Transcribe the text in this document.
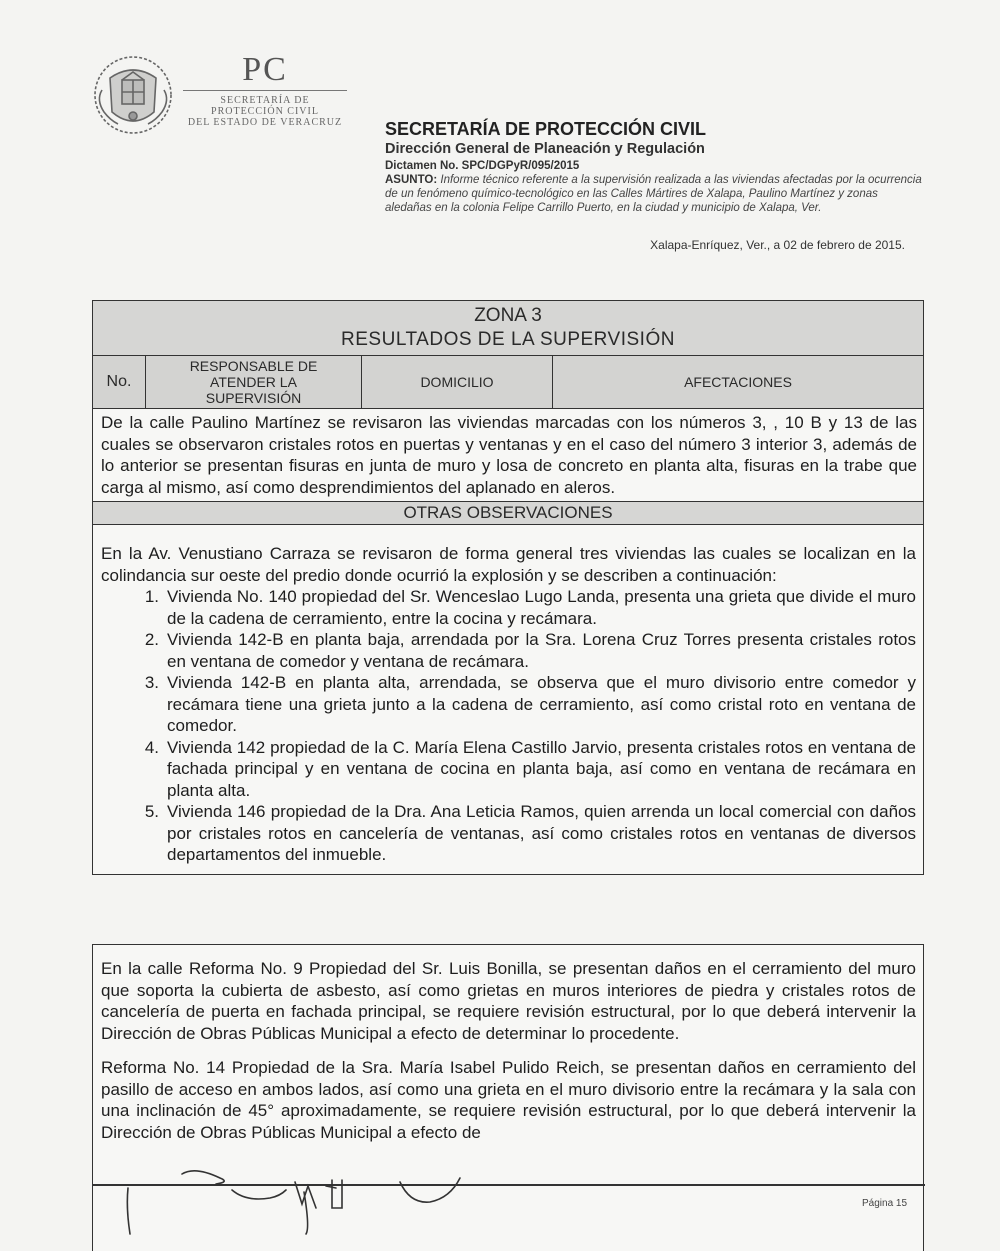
PC
SECRETARÍA DE
PROTECCIÓN CIVIL
DEL ESTADO DE VERACRUZ	SECRETARÍA DE PROTECCIÓN CIVIL
Dirección General de Planeación y Regulación
Dictamen No. SPC/DGPyR/095/2015
ASUNTO: Informe técnico referente a la supervisión realizada a las viviendas afectadas por la ocurrencia de un fenómeno químico-tecnológico en las Calles Mártires de Xalapa, Paulino Martínez y zonas aledañas en la colonia Felipe Carrillo Puerto, en la ciudad y municipio de Xalapa, Ver.
Xalapa-Enríquez, Ver., a 02 de febrero de 2015.
ZONA 3
RESULTADOS DE LA SUPERVISIÓN
No.
RESPONSABLE DE
ATENDER LA
SUPERVISIÓN
DOMICILIO	AFECTACIONES
De la calle Paulino Martínez se revisaron las viviendas marcadas con los números 3, , 10 B y 13 de las cuales se observaron cristales rotos en puertas y ventanas y en el caso del número 3 interior 3, además de lo anterior se presentan fisuras en junta de muro y losa de concreto en planta alta, fisuras en la trabe que carga al mismo, así como desprendimientos del aplanado en aleros.
OTRAS OBSERVACIONES
En la Av. Venustiano Carraza se revisaron de forma general tres viviendas las cuales se localizan en la colindancia sur oeste del predio donde ocurrió la explosión y se describen a continuación:
1. Vivienda No. 140 propiedad del Sr. Wenceslao Lugo Landa, presenta una grieta que divide el muro de la cadena de cerramiento, entre la cocina y recámara.
2. Vivienda 142-B en planta baja, arrendada por la Sra. Lorena Cruz Torres presenta cristales rotos en ventana de comedor y ventana de recámara.
3. Vivienda 142-B en planta alta, arrendada, se observa que el muro divisorio entre comedor y recámara tiene una grieta junto a la cadena de cerramiento, así como cristal roto en ventana de comedor.
4. Vivienda 142 propiedad de la C. María Elena Castillo Jarvio, presenta cristales rotos en ventana de fachada principal y en ventana de cocina en planta baja, así como en ventana de recámara en planta alta.
5. Vivienda 146 propiedad de la Dra. Ana Leticia Ramos, quien arrenda un local comercial con daños por cristales rotos en cancelería de ventanas, así como cristales rotos en ventanas de diversos departamentos del inmueble.
En la calle Reforma No. 9 Propiedad del Sr. Luis Bonilla, se presentan daños en el cerramiento del muro que soporta la cubierta de asbesto, así como grietas en muros interiores de piedra y cristales rotos de cancelería de puerta en fachada principal, se requiere revisión estructural, por lo que deberá intervenir la Dirección de Obras Públicas Municipal a efecto de determinar lo procedente.
Reforma No. 14 Propiedad de la Sra. María Isabel Pulido Reich, se presentan daños en cerramiento del pasillo de acceso en ambos lados, así como una grieta en el muro divisorio entre la recámara y la sala con una inclinación de 45° aproximadamente, se requiere revisión estructural, por lo que deberá intervenir la Dirección de Obras Públicas Municipal a efecto de
Página 15
